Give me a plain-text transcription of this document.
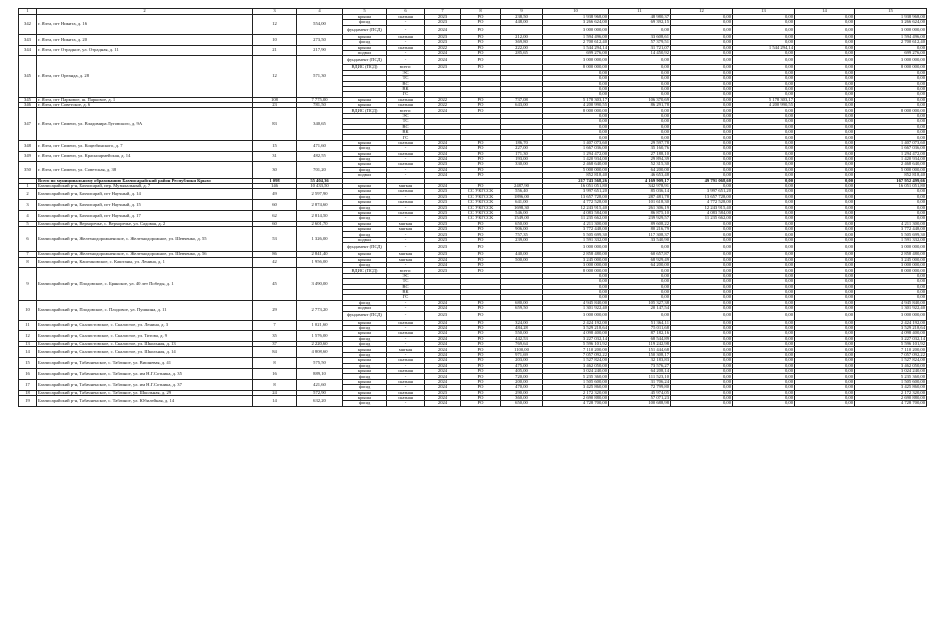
1	2	3	4	5	6	7	8	9	10	11	12	13	14	15
342	г. Ялта, пгт Никита, д. 16	12	554,00	крыша	скатная	2023	РО	238,50	1 938 968,00	48 980,37	0,00	0,00	0,00	1 938 968,00
				фасад	-	2023	РО	448,00	3 266 624,00	69 392,15	0,00	0,00	0,00	3 266 624,00
				фундамент (ПСД)	-	2024	РО		3 000 000,00	0,00	0,00	0,00	0,00	3 000 000,00
343	г. Ялта, пгт Никита, д. 20	10	273,50	крыша	скатная	2023	РО	212,00	1 594 496,00	33 608,61	0,00	0,00	0,00	1 594 496,00
				фасад	-	2023	РО	369,80	2 700 612,40	57 379,51	0,00	0,00	0,00	2 700 612,40
344	г. Ялта, пгт Отрадное, ул. Отрадная, д. 11	21	217,90	крыша	скатная	2022	РО	222,00	1 544 294,14	31 721,07	0,00	1 544 294,14	0,00	0,00
				подвал	-	2024	РО	285,65	699 276,00	14 450,92	0,00	0,00	0,00	699 276,00
345	г. Ялта, пгт Ореанда, д. 28	12	571,30	фундамент (ПСД)	-	2024	РО		3 000 000,00	0,00	0,00	0,00	0,00	3 000 000,00
				ВДИС (ПСД)	всего:	2023	РО		8 000 000,00	0,00	0,00	0,00	0,00	8 000 000,00
					ЭС				0,00	0,00	0,00	0,00	0,00	0,00
					ТС				0,00	0,00	0,00	0,00	0,00	0,00
					ВС				0,00	0,00	0,00	0,00	0,00	0,00
					ВК				0,00	0,00	0,00	0,00	0,00	0,00
					ГС				0,00	0,00	0,00	0,00	0,00	0,00
345	г. Ялта, пгт Парковое, ш. Парковое, д. 1	108	7 775,00	крыша	скатная	2022	РО	737,08	5 178 303,17	106 370,69	0,00	5 178 303,17	0,00	0,00
346	г. Ялта, пгт Советское, д. 6	23	781,50	крыша	скатная	2022	РО	643,00	4 200 990,55	86 291,78	0,00	4 200 990,55	0,00	0,00
347	г. Ялта, пгт Симеиз, ул. Владимира Луговского, д. 9А	83	340,65	ВДИС (ПСД)	всего:	2024	РО		8 000 000,00	0,00	0,00	0,00	0,00	8 000 000,00
					ЭС				0,00	0,00	0,00	0,00	0,00	0,00
					ТС				0,00	0,00	0,00	0,00	0,00	0,00
					ВС				0,00	0,00	0,00	0,00	0,00	0,00
					ВК				0,00	0,00	0,00	0,00	0,00	0,00
					ГС				0,00	0,00	0,00	0,00	0,00	0,00
348	г. Ялта, пгт Симеиз, ул. Коцюбинского, д. 7	15	471,60	крыша	скатная	2024	РО	186,70	1 407 073,60	29 597,78	0,00	0,00	0,00	1 407 073,60
				фасад	-	2024	РО	227,00	1 667 036,00	35 160,76	0,00	0,00	0,00	1 667 036,00
349	г. Ялта, пгт Симеиз, ул. Красноармейская, д. 14	31	482,55	крыша	скатная	2024	РО	171,30	1 294 472,00	27 188,10	0,00	0,00	0,00	1 294 472,00
				фасад	-	2024	РО	193,00	1 420 934,00	29 894,39	0,00	0,00	0,00	1 420 934,00
350	г. Ялта, пгт Симеиз, ул. Советская, д. 38	30	701,20	крыша	скатная	2023	РО	330,00	2 468 640,00	52 315,30	0,00	0,00	0,00	2 468 640,00
				фасад	-	2024	РО		5 000 000,00	64 200,00	0,00	0,00	0,00	5 000 000,00
				подвал	-	2024	РО		852 818,40	46 653,48	0,00	0,00	0,00	852 818,40
	Всего по муниципальному образованию Бахчисарайский район Республики Крым:	1 098	55 404,36						217 743 568,26	4 169 909,17	49 791 068,60	0,00	0,00	167 952 499,66
1	Бахчисарайский р-н, Бахчисарай, пер. Музыкальный, д. 7	146	10 433,50	крыша	мягкая	2024	РО	2487,90	16 051 051,80	342 978,91	0,00	0,00	0,00	16 051 051,80
2	Бахчисарайский р-н, Бахчисарай, пгт Научный, д. 14	49	2 597,90	крыша	скатная	2023	СС УКГССК	556,40	3 997 651,20	85 036,14	3 997 651,20	0,00	0,00	0,00
				фасад	-	2023	СС УКГССК	1896,00	13 657 728,00	287 481,78	13 657 728,00	0,00	0,00	0,00
3	Бахчисарайский р-н, Бахчисарай, пгт Научный, д. 15	60	2 874,60	крыша	скатная	2023	СС УКГССК	641,00	4 772 528,00	101 618,30	4 772 528,00	0,00	0,00	0,00
				фасад	-	2023	СС УКГССК	1698,30	12 243 915,40	261 306,19	12 243 915,40	0,00	0,00	0,00
4	Бахчисарайский р-н, Бахчисарай, пгт Научный, д. 17	62	2 814,50	крыша	скатная	2023	СС УКГССК	546,00	4 083 584,00	86 875,10	4 083 584,00	0,00	0,00	0,00
				фасад	-	2023	СС УКГССК	1549,00	11 235 662,00	239 929,57	11 235 662,00	0,00	0,00	0,00
5	Бахчисарайский р-н, Верхоречье, с. Верхоречье, ул. Садовая, д. 2	60	2 601,70	крыша	мягкая	2023	РО	650,00	4 211 300,00	89 608,22	0,00	0,00	0,00	4 211 300,00
6	Бахчисарайский р-н, Железнодорожненское, с. Железнодорожное, ул. Шевченко, д. 55	53	1 326,00	крыша	мягкая	2023	РО	906,00	3 772 448,00	80 216,79	0,00	0,00	0,00	3 772 448,00
				фасад	-	2023	РО	757,35	5 505 699,30	117 308,37	0,00	0,00	0,00	5 505 699,30
				подвал	-	2023	РО	239,00	1 591 332,00	33 540,90	0,00	0,00	0,00	1 591 332,00
				фундамент (ПСД)	-	2023	РО		3 000 000,00	0,00	0,00	0,00	0,00	3 000 000,00
7	Бахчисарайский р-н, Железнодорожненское, с. Железнодорожное, ул. Шевченко, д. 56	86	2 841,40	крыша	мягкая	2023	РО	440,00	2 858 480,00	60 657,87	0,00	0,00	0,00	2 858 480,00
8	Бахчисарайский р-н, Каштановское, с. Каштаны, ул. Ленина, д. 1	42	1 956,00	крыша	мягкая	2024	РО	500,00	3 245 000,00	68 929,49	0,00	0,00	0,00	3 245 000,00
				фасад	-	2024	РО		3 000 000,00	64 200,00	0,00	0,00	0,00	3 000 000,00
9	Бахчисарайский р-н, Плодовское, с. Брянское, ул. 40 лет Победы, д. 1	45	3 490,00	ВДИС (ПСД)	всего:	2023	РО		8 000 000,00	0,00	0,00	0,00	0,00	8 000 000,00
					ЭС				0,00	0,00	0,00	0,00	0,00	0,00
					ТС				0,00	0,00	0,00	0,00	0,00	0,00
					ВС				0,00	0,00	0,00	0,00	0,00	0,00
					ВК				0,00	0,00	0,00	0,00	0,00	0,00
					ГС				0,00	0,00	0,00	0,00	0,00	0,00
10	Бахчисарайский р-н, Плодовское, с. Плодовое, ул. Пушкина, д. 11	29	2 773,20	фасад	-	2024	РО	680,00	4 945 840,00	105 327,38	0,00	0,00	0,00	4 945 840,00
				подвал	-	2024	РО	659,50	1 301 922,40	20 147,54	0,00	0,00	0,00	1 301 922,40
				фундамент (ПСД)	-	2023	РО		3 000 000,00	0,00	0,00	0,00	0,00	3 000 000,00
11	Бахчисарайский р-н, Скалистовское, с. Скалистое, ул. Ленина, д. 3	7	1 021,60	крыша	скатная	2024	РО	324,00	2 424 192,00	51 364,11	0,00	0,00	0,00	2 424 192,00
				фасад	-	2024	РО	484,28	3 529 218,64	75 011,68	0,00	0,00	0,00	3 529 218,64
12	Бахчисарайский р-н, Скалистовское, с. Скалистое, ул. Титова, д. 9	35	1 576,00	крыша	скатная	2024	РО	550,00	4 098 400,00	87 182,16	0,00	0,00	0,00	4 098 400,00
				фасад	-	2024	РО	442,53	3 227 032,14	68 544,89	0,00	0,00	0,00	3 227 032,14
13	Бахчисарайский р-н, Скалистовское, с. Скалистое, ул. Школьная, д. 13	37	2 220,60	фасад	-	2024	РО	769,64	5 596 101,92	119 242,98	0,00	0,00	0,00	5 596 101,92
14	Бахчисарайский р-н, Скалистовское, с. Скалистое, ул. Школьная, д. 14	84	4 808,60	крыша	мягкая	2024	РО	1100,00	7 110 200,00	151 444,68	0,00	0,00	0,00	7 110 200,00
				фасад	-	2024	РО	971,69	7 057 092,22	150 308,17	0,00	0,00	0,00	7 057 092,22
15	Бахчисарайский р-н, Табачненское, с. Табачное, ул. Вишневая, д. 41	8	575,50	крыша	скатная	2024	РО	203,00	1 527 824,00	32 183,83	0,00	0,00	0,00	1 527 824,00
				фасад	-	2024	РО	475,00	3 462 050,00	73 576,27	0,00	0,00	0,00	3 462 050,00
16	Бахчисарайский р-н, Табачненское, с. Табачное, ул. им Н.Г.Сотника, д. 35	16	889,10	крыша	скатная	2024	РО	405,00	3 024 240,00	64 208,14	0,00	0,00	0,00	3 024 240,00
				фасад	-	2024	РО	720,00	5 235 360,00	111 523,10	0,00	0,00	0,00	5 235 360,00
17	Бахчисарайский р-н, Табачненское, с. Табачное, ул. им Н.Г.Сотника, д. 37	8	421,60	крыша	скатная	2024	РО	200,00	1 505 600,00	31 706,24	0,00	0,00	0,00	1 505 600,00
				фасад	-	2024	РО	470,00	3 425 860,00	72 799,80	0,00	0,00	0,00	3 425 860,00
18	Бахчисарайский р-н, Табачненское, с. Табачное, ул. Школьная, д. 29	24	572,90	крыша	скатная	2023	РО	290,00	2 172 320,00	45 974,05	0,00	0,00	0,00	2 172 320,00
19	Бахчисарайский р-н, Табачненское, с. Табачное, ул. Юбилейная, д. 14	14	632,20	крыша	скатная	2024	РО	360,00	2 690 880,00	57 071,23	0,00	0,00	0,00	2 690 880,00
				фасад	-	2024	РО	650,00	4 728 700,00	100 688,98	0,00	0,00	0,00	4 728 700,00
